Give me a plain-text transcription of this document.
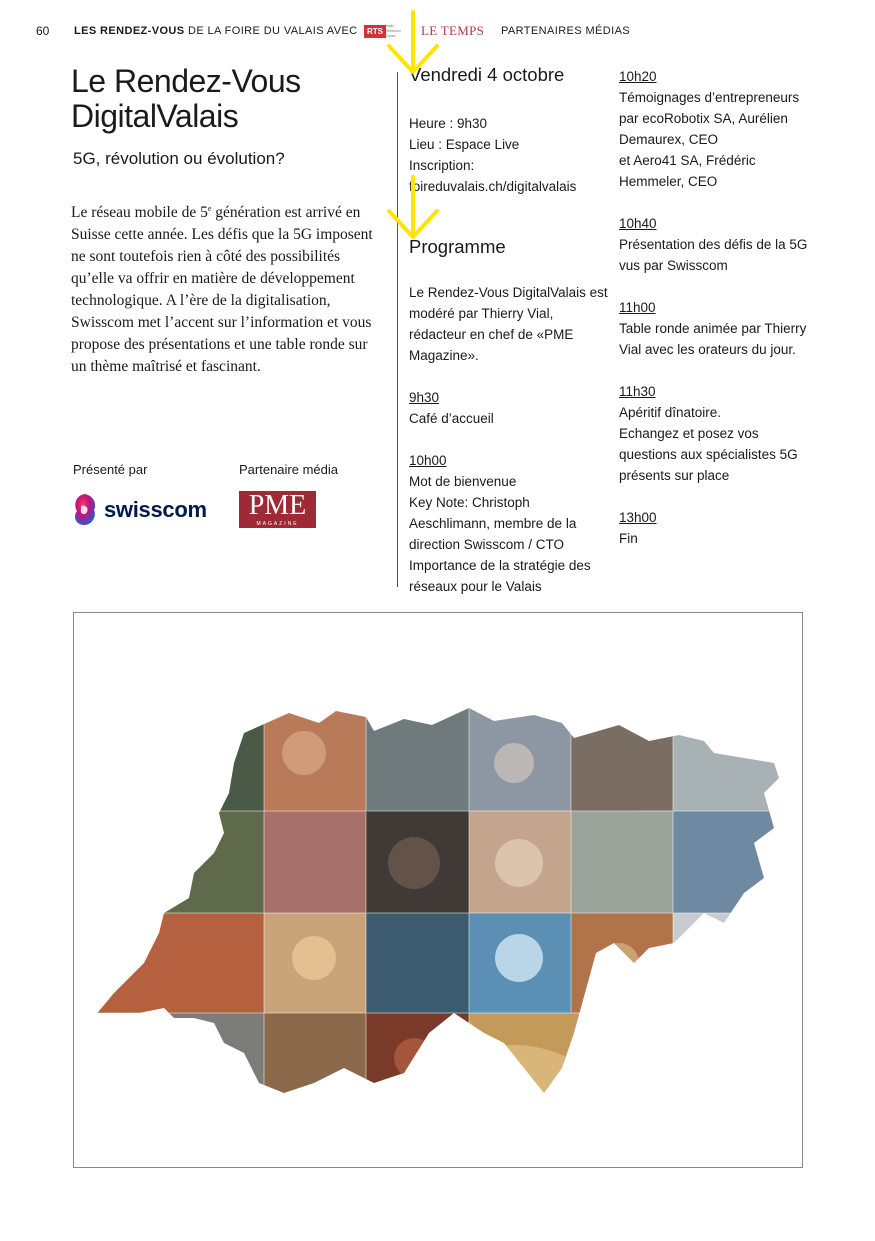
60 LES RENDEZ-VOUS DE LA FOIRE DU VALAIS AVEC	RTS
Radio Télévision Suisse	LE TEMPS PARTENAIRES MÉDIAS
Le Rendez-Vous DigitalValais
5G, révolution ou évolution?
Le réseau mobile de 5e génération est arrivé en Suisse cette année. Les défis que la 5G imposent ne sont toutefois rien à côté des possibilités qu’elle va offrir en matière de développement technologique. A l’ère de la digitalisation, Swisscom met l’accent sur l’information et vous propose des présentations et une table ronde sur un thème maîtrisé et fascinant.
Présenté par	Partenaire média
swisscom	PME
MAGAZINE
Vendredi 4 octobre
Heure : 9h30
Lieu : Espace Live
Inscription:
foireduvalais.ch/digitalvalais
Programme
Le Rendez-Vous DigitalValais est modéré par Thierry Vial, rédacteur en chef de «PME Magazine».
9h30
Café d’accueil
10h00
Mot de bienvenue
Key Note: Christoph Aeschlimann, membre de la direction Swisscom / CTO
Importance de la stratégie des réseaux pour le Valais
10h20
Témoignages d’entrepreneurs par ecoRobotix SA, Aurélien Demaurex, CEO
et Aero41 SA, Frédéric Hemmeler, CEO
10h40
Présentation des défis de la 5G vus par Swisscom
11h00
Table ronde animée par Thierry Vial avec les orateurs du jour.
11h30
Apéritif dînatoire.
Echangez et posez vos questions aux spécialistes 5G présents sur place
13h00
Fin
